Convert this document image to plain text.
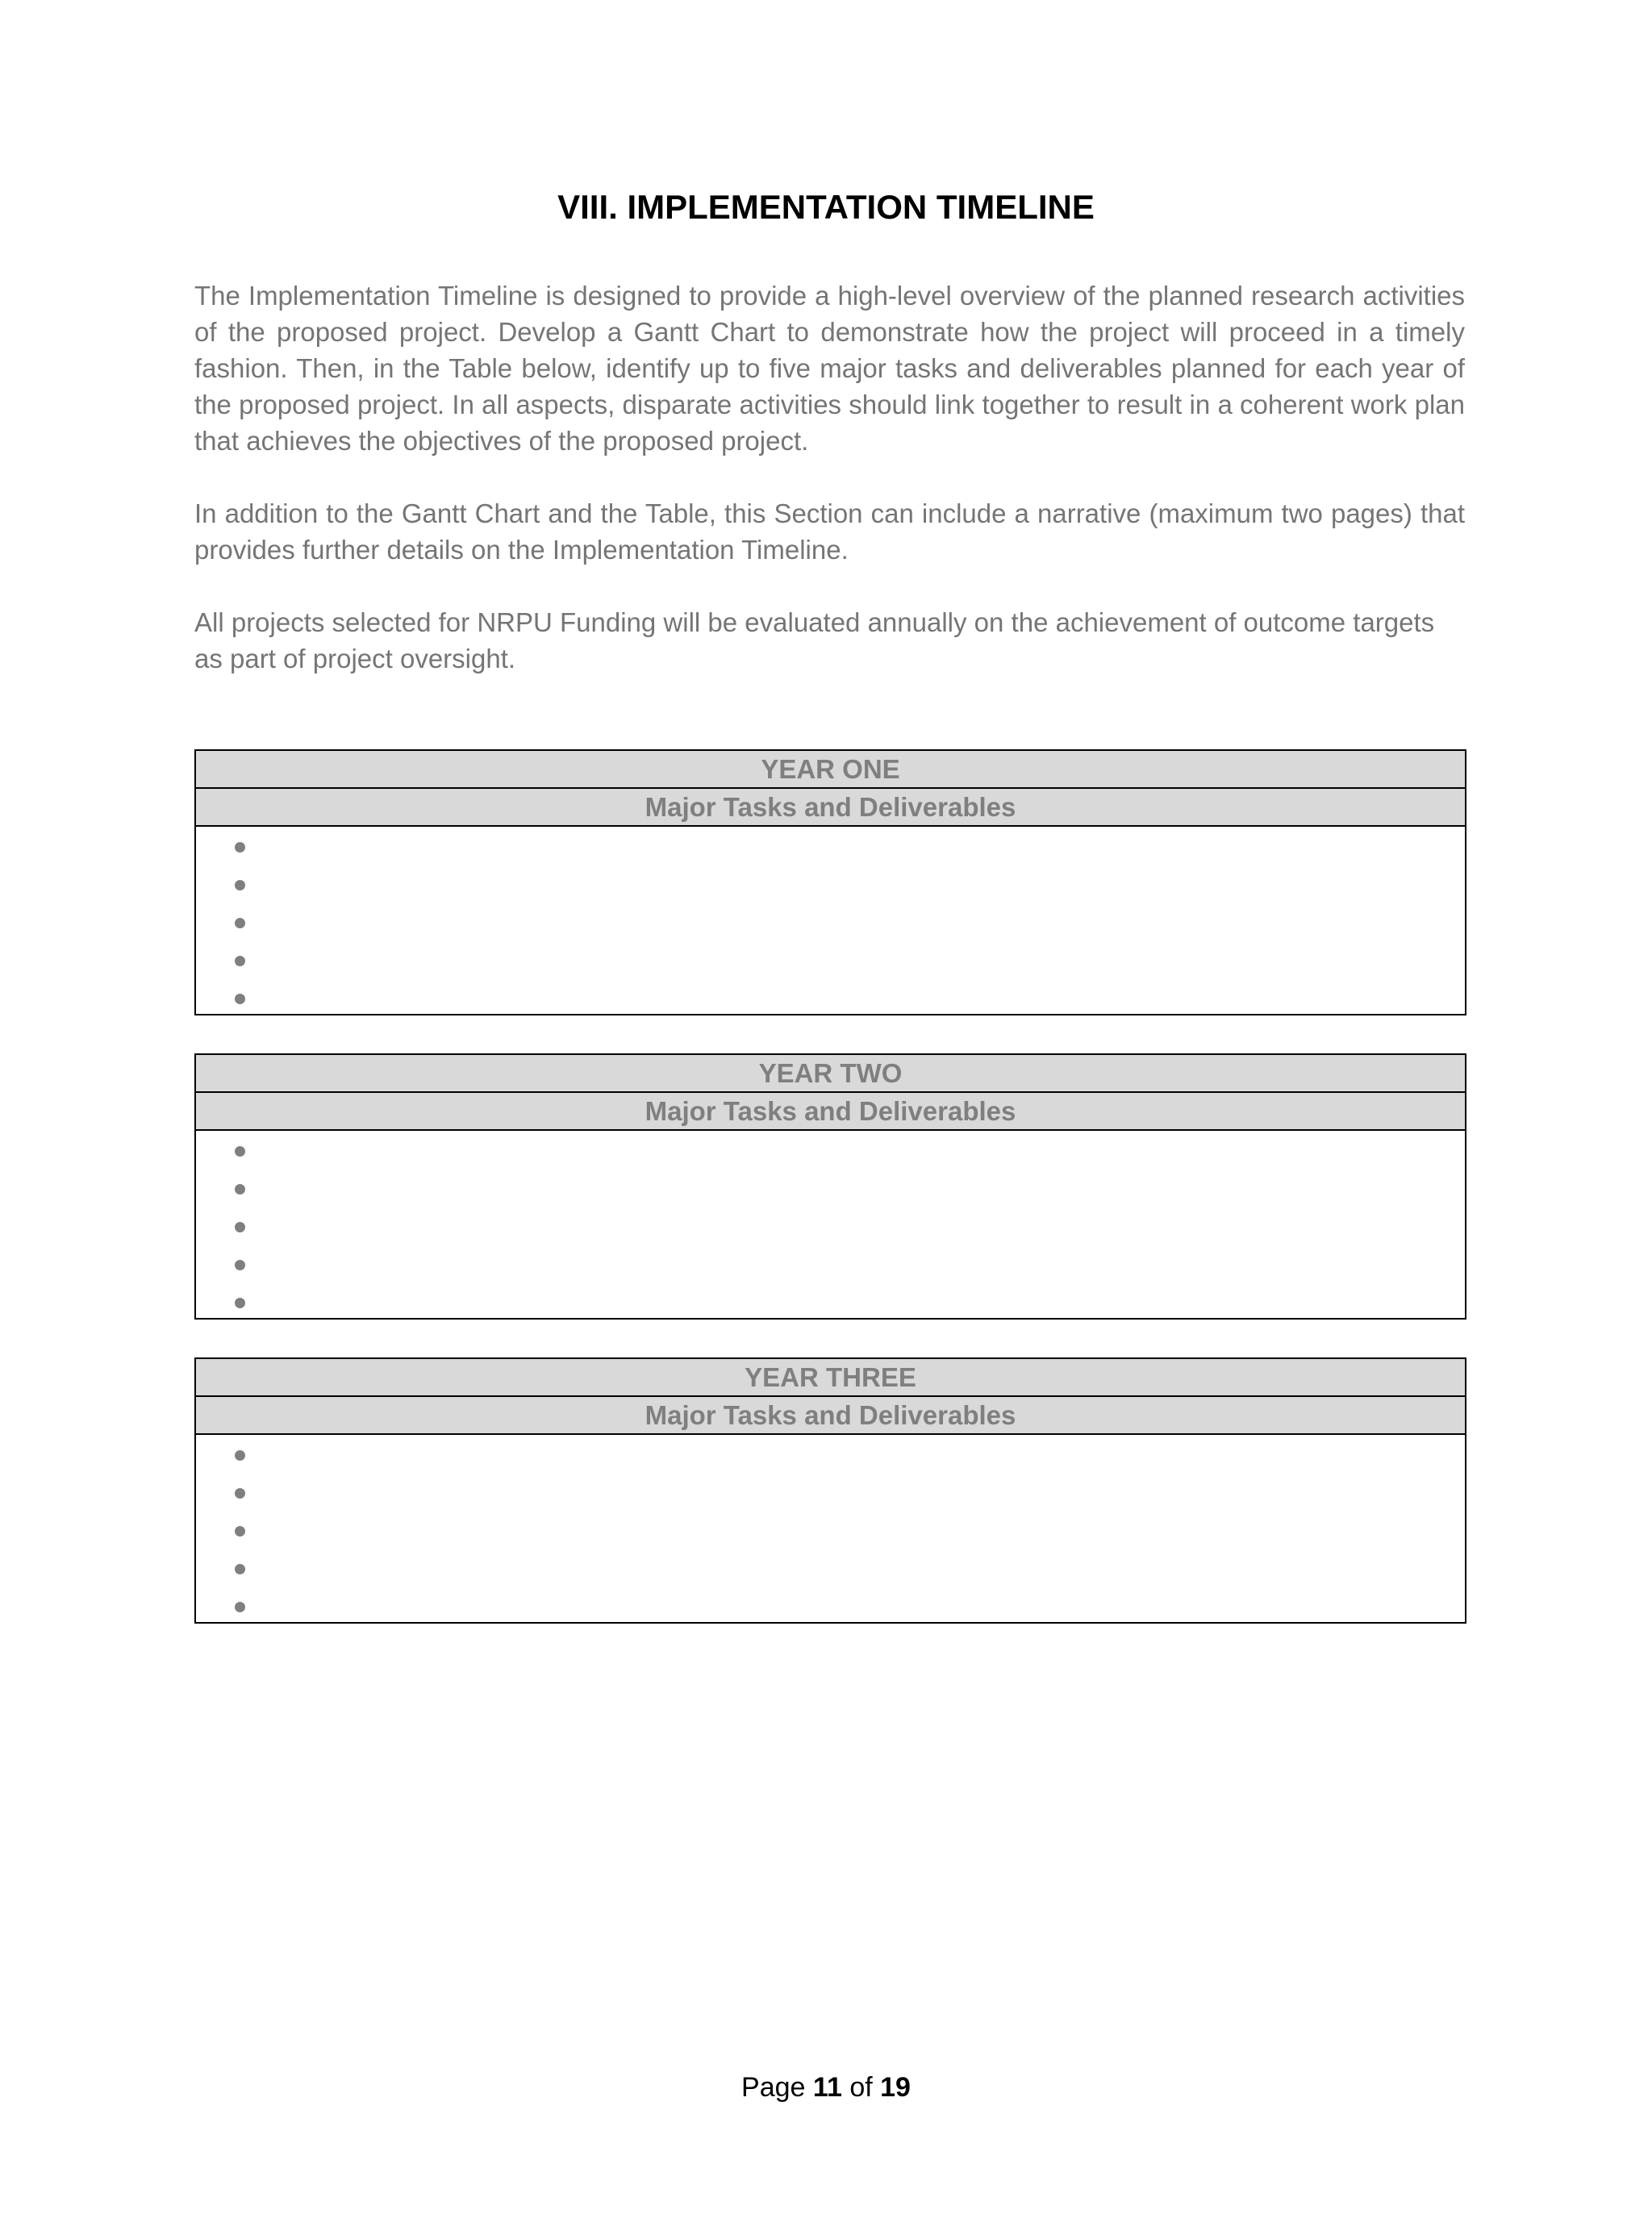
VIII. IMPLEMENTATION TIMELINE

The Implementation Timeline is designed to provide a high-level overview of the planned research activities of the proposed project. Develop a Gantt Chart to demonstrate how the project will proceed in a timely fashion. Then, in the Table below, identify up to five major tasks and deliverables planned for each year of the proposed project. In all aspects, disparate activities should link together to result in a coherent work plan that achieves the objectives of the proposed project.

In addition to the Gantt Chart and the Table, this Section can include a narrative (maximum two pages) that provides further details on the Implementation Timeline.

All projects selected for NRPU Funding will be evaluated annually on the achievement of outcome targets as part of project oversight.

YEAR ONE
Major Tasks and Deliverables
YEAR TWO
Major Tasks and Deliverables
YEAR THREE
Major Tasks and Deliverables
Page 11 of 19
